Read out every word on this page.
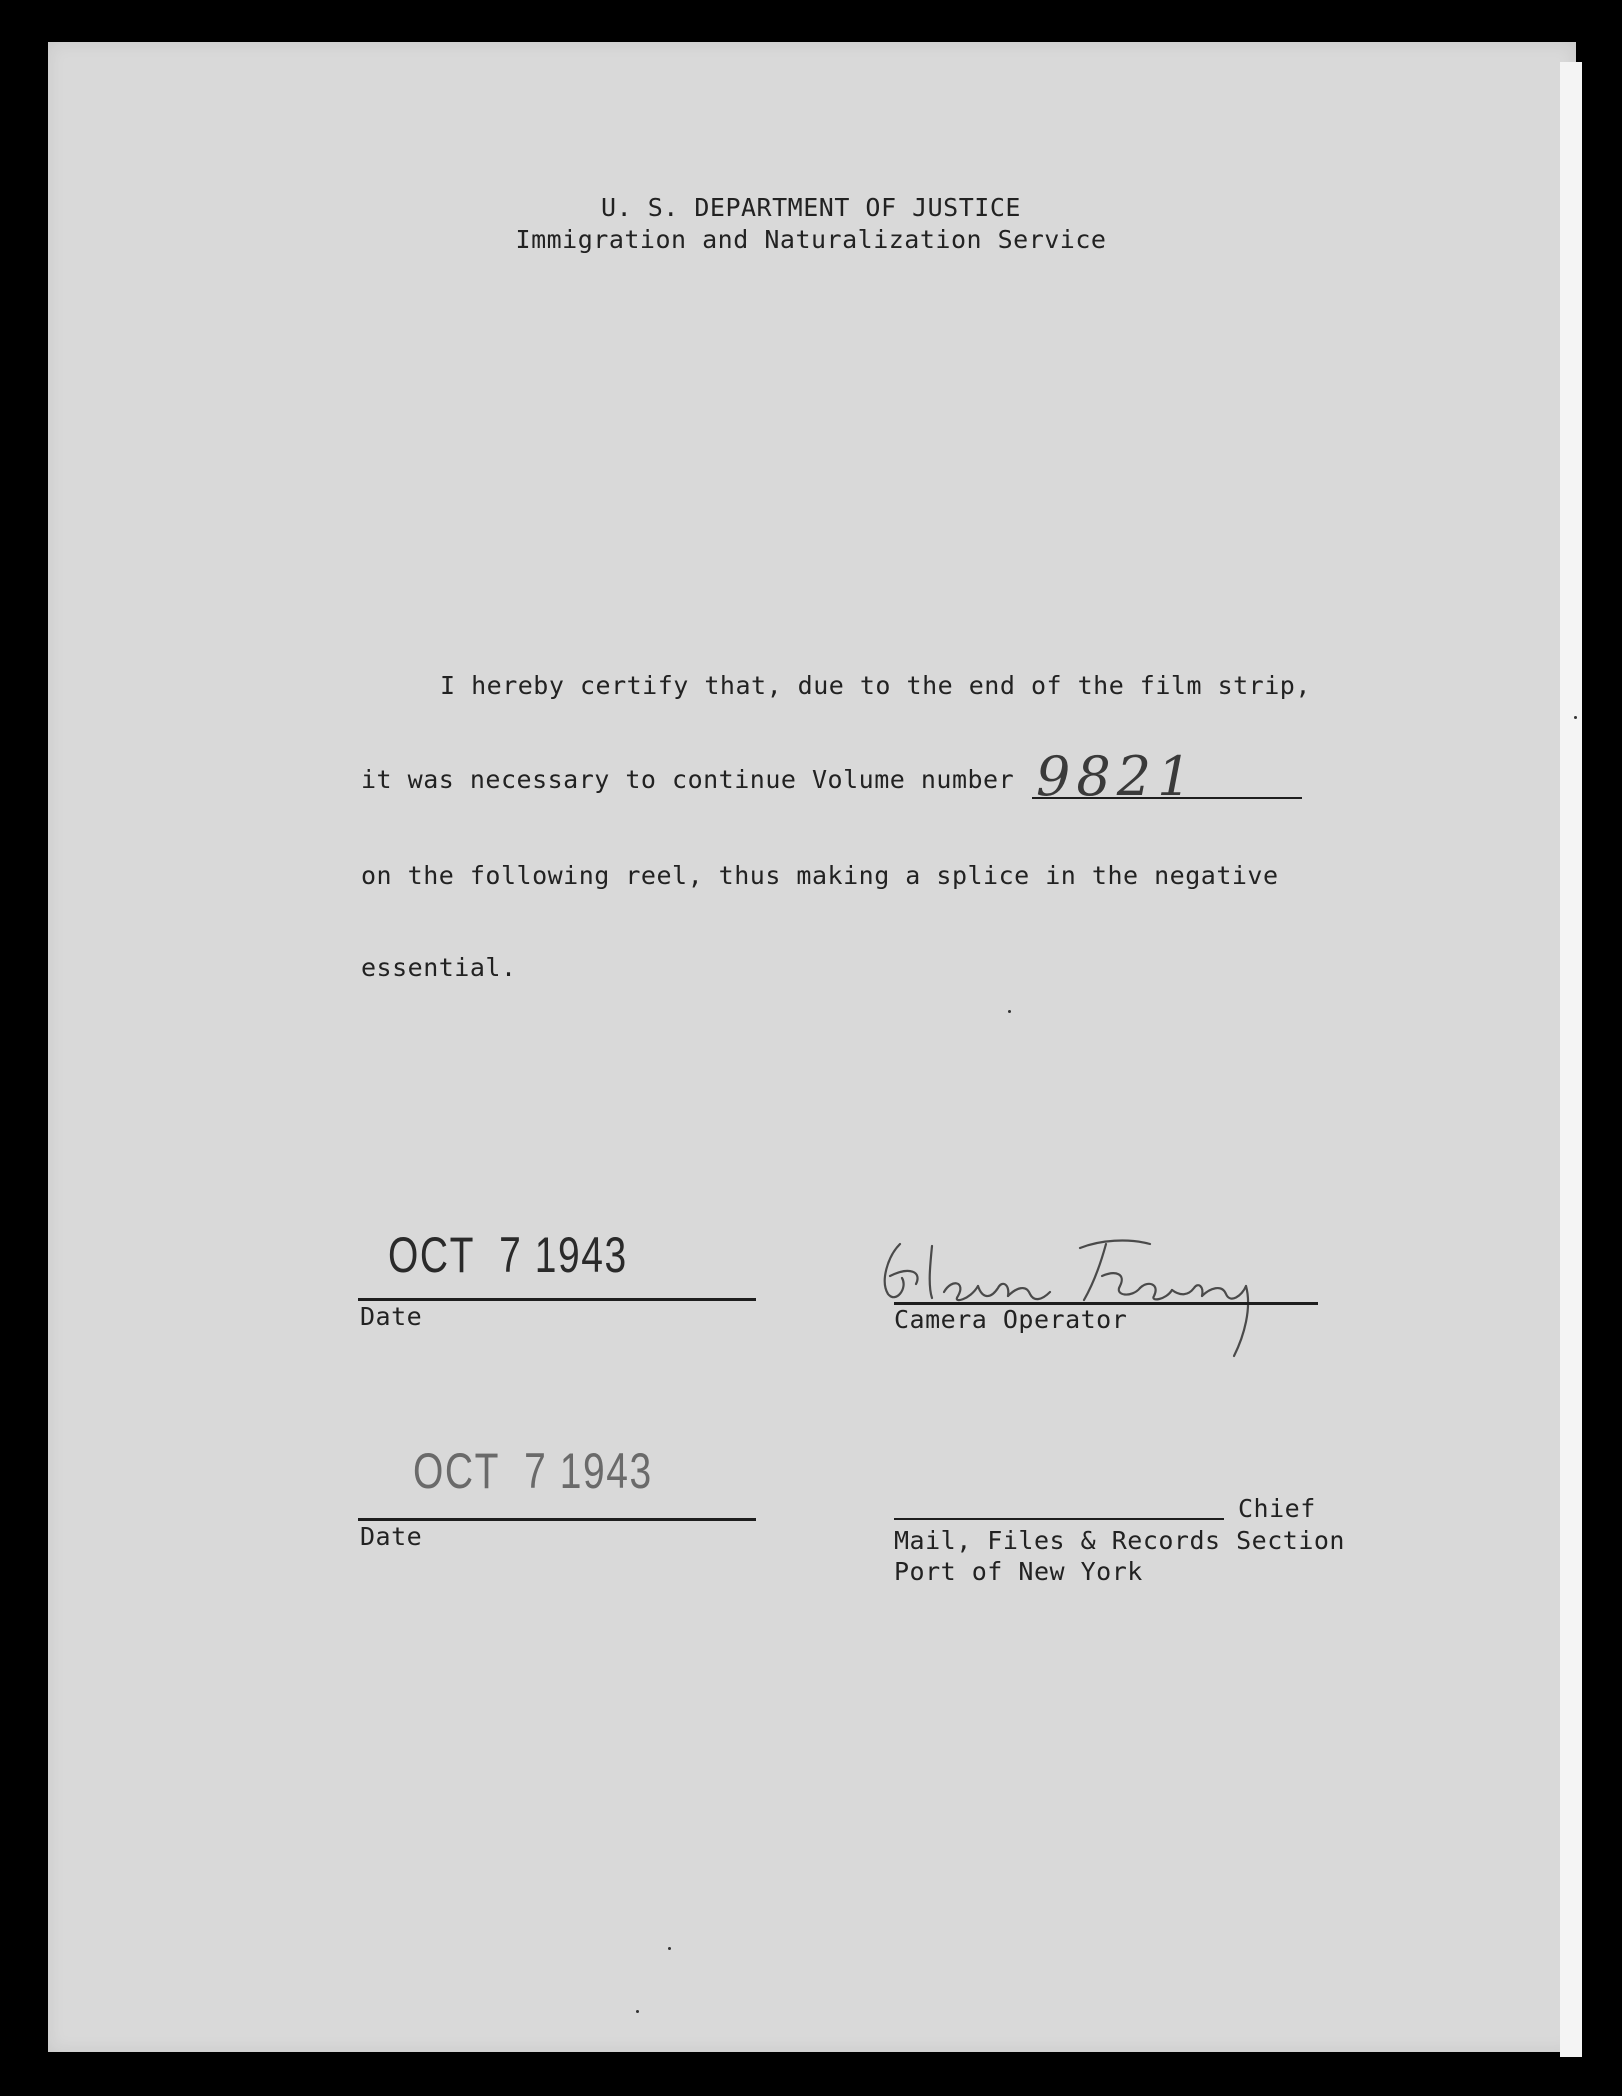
U. S. DEPARTMENT OF JUSTICE
Immigration and Naturalization Service
I hereby certify that, due to the end of the film strip,
it was necessary to continue Volume number 9821
on the following reel, thus making a splice in the negative
essential.
OCT  7 1943
Date	Camera Operator
OCT  7 1943
Date
Chief
Mail, Files & Records Section
Port of New York
